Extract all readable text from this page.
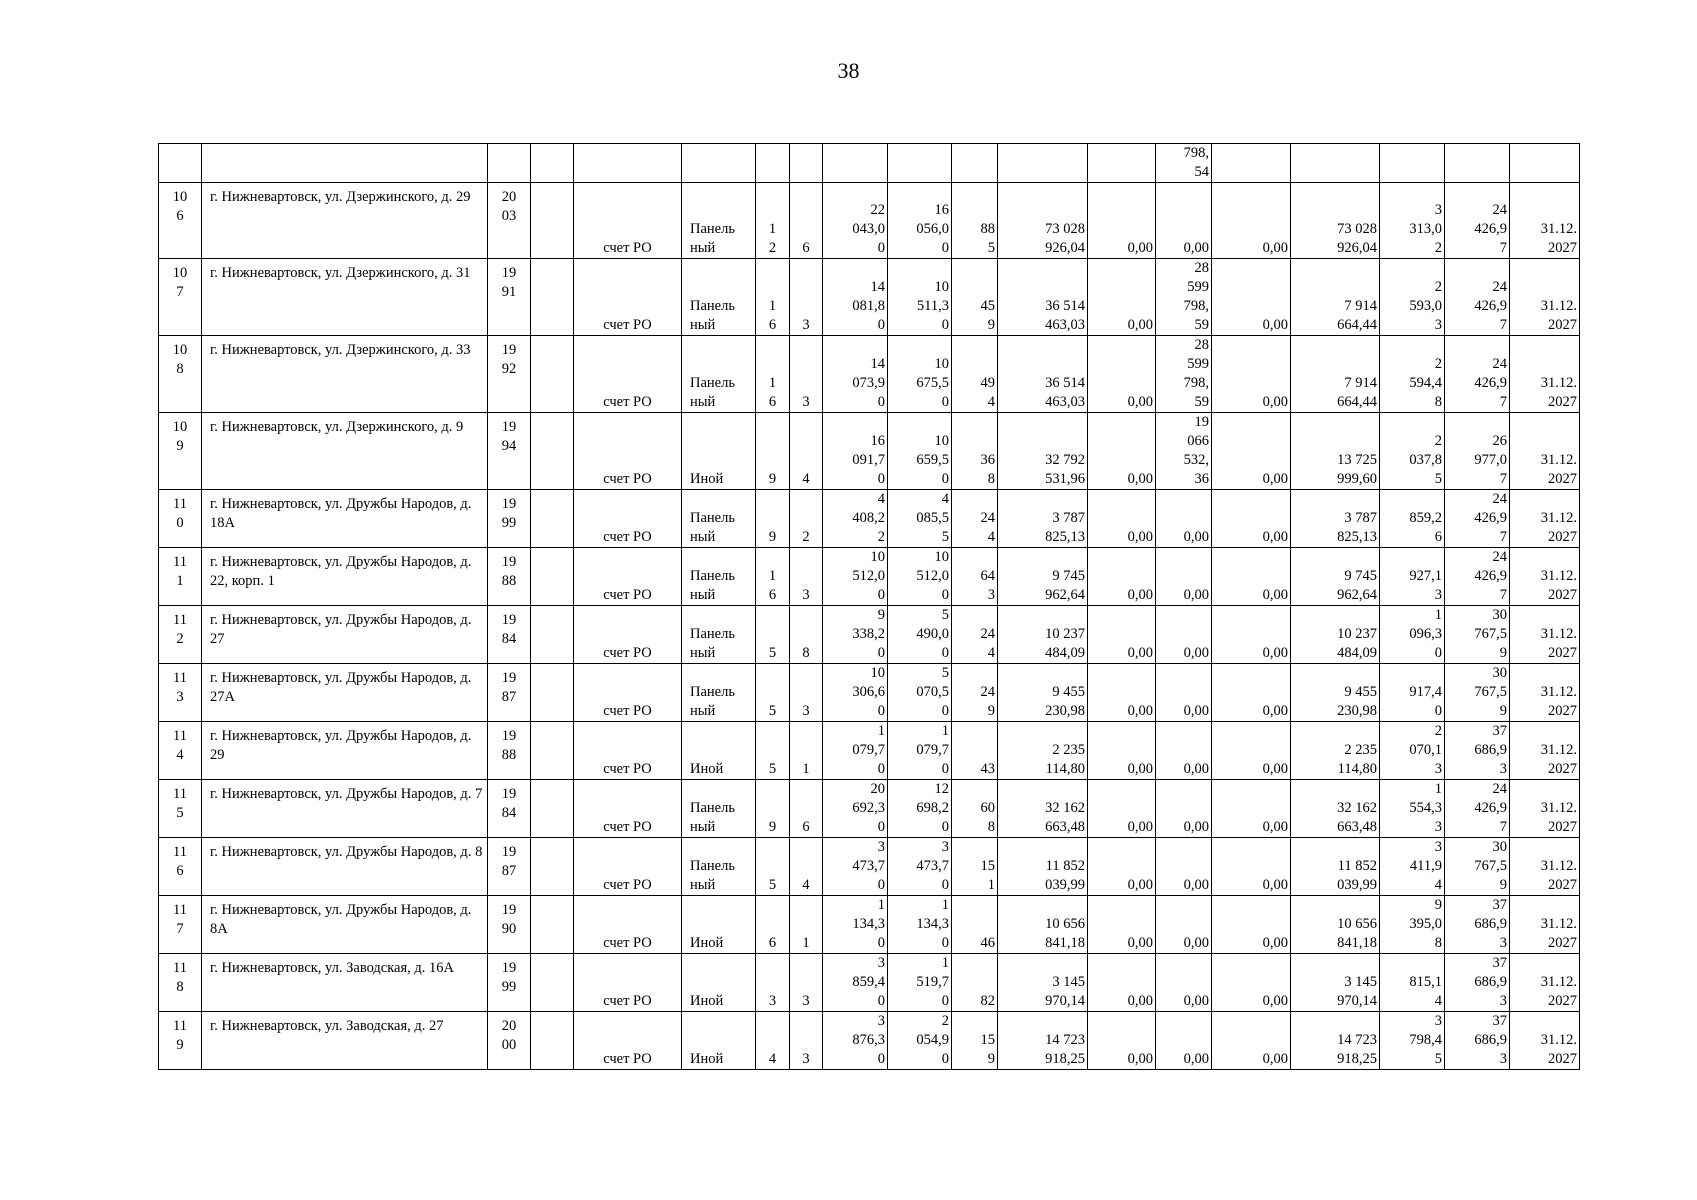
38
													798,
54					
10
6	г. Нижневартовск, ул. Дзержинского, д. 29	20
03		счет РО	Панель
ный	1
2	6	22
043,0
0	16
056,0
0	88
5	73 028
926,04	0,00	0,00	0,00	73 028
926,04	3
313,0
2	24
426,9
7	31.12.
2027
10
7	г. Нижневартовск, ул. Дзержинского, д. 31	19
91		счет РО	Панель
ный	1
6	3	14
081,8
0	10
511,3
0	45
9	36 514
463,03	0,00	28
599
798,
59	0,00	7 914
664,44	2
593,0
3	24
426,9
7	31.12.
2027
10
8	г. Нижневартовск, ул. Дзержинского, д. 33	19
92		счет РО	Панель
ный	1
6	3	14
073,9
0	10
675,5
0	49
4	36 514
463,03	0,00	28
599
798,
59	0,00	7 914
664,44	2
594,4
8	24
426,9
7	31.12.
2027
10
9	г. Нижневартовск, ул. Дзержинского, д. 9	19
94		счет РО	Иной	9	4	16
091,7
0	10
659,5
0	36
8	32 792
531,96	0,00	19
066
532,
36	0,00	13 725
999,60	2
037,8
5	26
977,0
7	31.12.
2027
11
0	г. Нижневартовск, ул. Дружбы Народов, д. 18А	19
99		счет РО	Панель
ный	9	2	4
408,2
2	4
085,5
5	24
4	3 787
825,13	0,00	0,00	0,00	3 787
825,13	859,2
6	24
426,9
7	31.12.
2027
11
1	г. Нижневартовск, ул. Дружбы Народов, д. 22, корп. 1	19
88		счет РО	Панель
ный	1
6	3	10
512,0
0	10
512,0
0	64
3	9 745
962,64	0,00	0,00	0,00	9 745
962,64	927,1
3	24
426,9
7	31.12.
2027
11
2	г. Нижневартовск, ул. Дружбы Народов, д. 27	19
84		счет РО	Панель
ный	5	8	9
338,2
0	5
490,0
0	24
4	10 237
484,09	0,00	0,00	0,00	10 237
484,09	1
096,3
0	30
767,5
9	31.12.
2027
11
3	г. Нижневартовск, ул. Дружбы Народов, д. 27А	19
87		счет РО	Панель
ный	5	3	10
306,6
0	5
070,5
0	24
9	9 455
230,98	0,00	0,00	0,00	9 455
230,98	917,4
0	30
767,5
9	31.12.
2027
11
4	г. Нижневартовск, ул. Дружбы Народов, д. 29	19
88		счет РО	Иной	5	1	1
079,7
0	1
079,7
0	43	2 235
114,80	0,00	0,00	0,00	2 235
114,80	2
070,1
3	37
686,9
3	31.12.
2027
11
5	г. Нижневартовск, ул. Дружбы Народов, д. 7	19
84		счет РО	Панель
ный	9	6	20
692,3
0	12
698,2
0	60
8	32 162
663,48	0,00	0,00	0,00	32 162
663,48	1
554,3
3	24
426,9
7	31.12.
2027
11
6	г. Нижневартовск, ул. Дружбы Народов, д. 8	19
87		счет РО	Панель
ный	5	4	3
473,7
0	3
473,7
0	15
1	11 852
039,99	0,00	0,00	0,00	11 852
039,99	3
411,9
4	30
767,5
9	31.12.
2027
11
7	г. Нижневартовск, ул. Дружбы Народов, д. 8А	19
90		счет РО	Иной	6	1	1
134,3
0	1
134,3
0	46	10 656
841,18	0,00	0,00	0,00	10 656
841,18	9
395,0
8	37
686,9
3	31.12.
2027
11
8	г. Нижневартовск, ул. Заводская, д. 16А	19
99		счет РО	Иной	3	3	3
859,4
0	1
519,7
0	82	3 145
970,14	0,00	0,00	0,00	3 145
970,14	815,1
4	37
686,9
3	31.12.
2027
11
9	г. Нижневартовск, ул. Заводская, д. 27	20
00		счет РО	Иной	4	3	3
876,3
0	2
054,9
0	15
9	14 723
918,25	0,00	0,00	0,00	14 723
918,25	3
798,4
5	37
686,9
3	31.12.
2027
